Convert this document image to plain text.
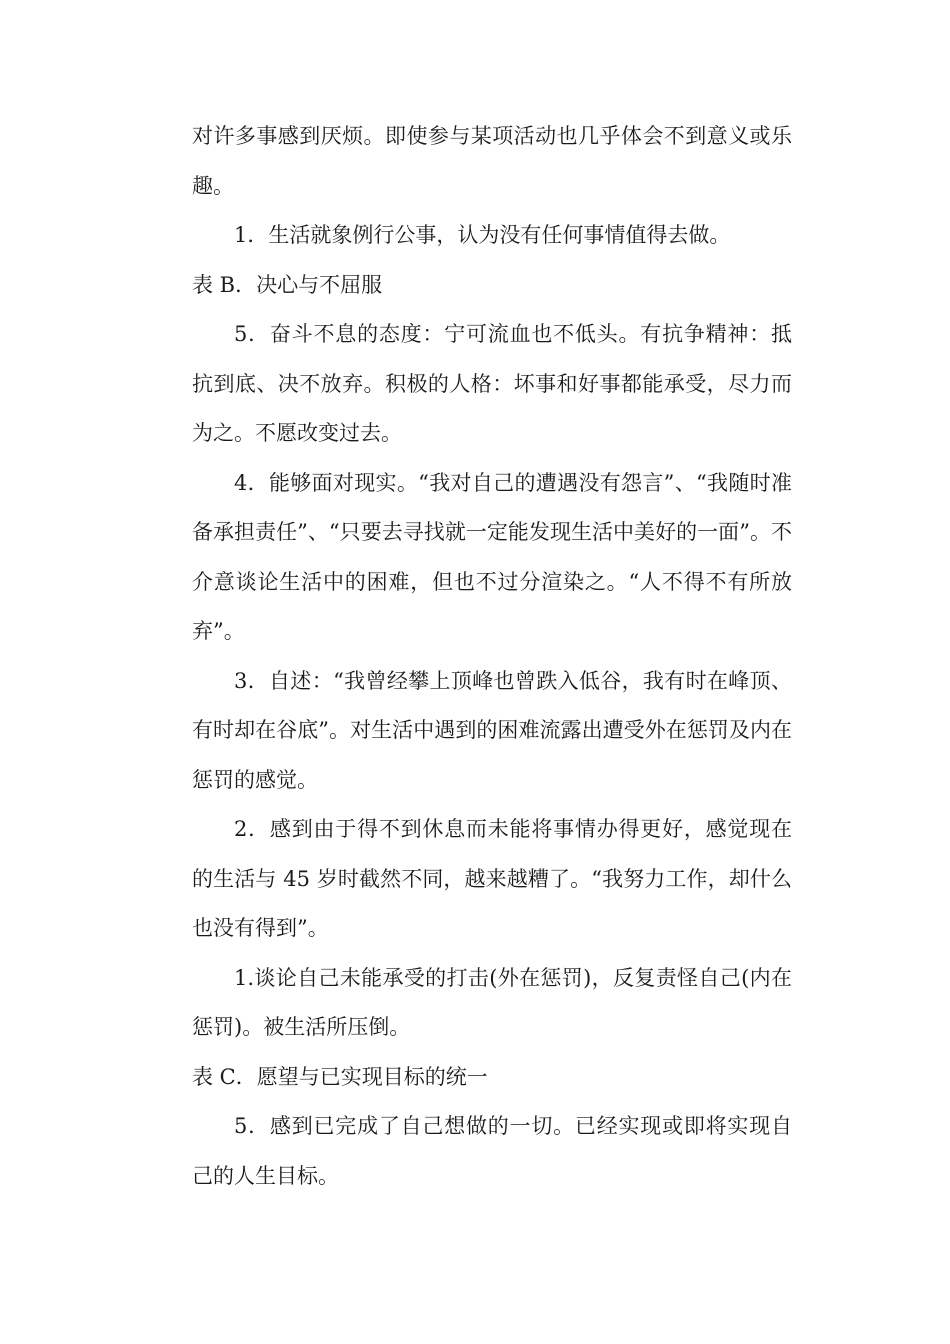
对许多事感到厌烦。即使参与某项活动也几乎体会不到意义或乐趣。

1．生活就象例行公事，认为没有任何事情值得去做。

表 B．决心与不屈服

5．奋斗不息的态度：宁可流血也不低头。有抗争精神：抵抗到底、决不放弃。积极的人格：坏事和好事都能承受，尽力而为之。不愿改变过去。

4．能够面对现实。“我对自己的遭遇没有怨言”、“我随时准备承担责任”、“只要去寻找就一定能发现生活中美好的一面”。不介意谈论生活中的困难，但也不过分渲染之。“人不得不有所放弃”。

3．自述：“我曾经攀上顶峰也曾跌入低谷，我有时在峰顶、有时却在谷底”。对生活中遇到的困难流露出遭受外在惩罚及内在惩罚的感觉。

2．感到由于得不到休息而未能将事情办得更好，感觉现在的生活与 45 岁时截然不同，越来越糟了。“我努力工作，却什么也没有得到”。

1.谈论自己未能承受的打击(外在惩罚)，反复责怪自己(内在惩罚)。被生活所压倒。

表 C．愿望与已实现目标的统一

5．感到已完成了自己想做的一切。已经实现或即将实现自己的人生目标。
